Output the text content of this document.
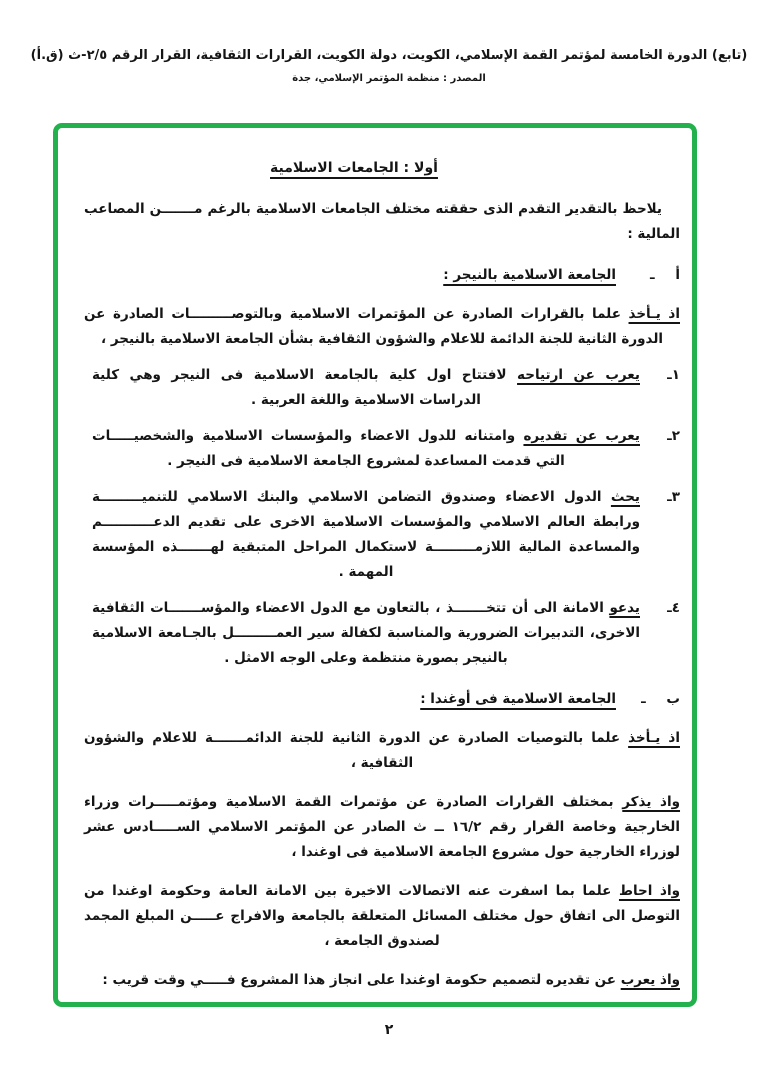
(تابع) الدورة الخامسة لمؤتمر القمة الإسلامي، الكويت، دولة الكويت، القرارات الثقافية، القرار الرقم ٢/٥-ث (ق.أ)
المصدر : منظمة المؤتمر الإسلامي، جدة
أولا : الجامعات الاسلامية

يلاحظ بالتقدير التقدم الذى حققته مختلف الجامعات الاسلامية بالرغم مـــــــن المصاعب المالية :

أ ـ
الجامعة الاسلامية بالنيجر :

اذ يـأخذ علما بالقرارات الصادرة عن المؤتمرات الاسلامية وبالتوصـــــــــات الصادرة عن الدورة الثانية للجنة الدائمة للاعلام والشؤون الثقافية بشأن الجامعة الاسلامية بالنيجر ،

١ـ
يعرب عن ارتياحه لافتتاح اول كلية بالجامعة الاسلامية فى النيجر وهي كلية الدراسات الاسلامية واللغة العربية .
٢ـ
يعرب عن تقديره وامتنانه للدول الاعضاء والمؤسسات الاسلامية والشخصيـــــات التي قدمت المساعدة لمشروع الجامعة الاسلامية فى النيجر .
٣ـ
يحث الدول الاعضاء وصندوق التضامن الاسلامي والبنك الاسلامي للتنميـــــــــة ورابطة العالم الاسلامي والمؤسسات الاسلامية الاخرى على تقديم الدعـــــــــــم والمساعدة المالية اللازمـــــــــة لاستكمال المراحل المتبقية لهـــــــذه المؤسسة المهمة .
٤ـ
يدعو الامانة الى أن تتخـــــــذ ، بالتعاون مع الدول الاعضاء والمؤســـــــات الثقافية الاخرى، التدبيرات الضرورية والمناسبة لكفالة سير العمـــــــــل بالجـامعة الاسلامية بالنيجر بصورة منتظمة وعلى الوجه الامثل .
ب ـ
الجامعة الاسلامية فى أوغندا :

اذ يـأخذ علما بالتوصيات الصادرة عن الدورة الثانية للجنة الدائمـــــــة للاعلام والشؤون الثقافية ،

واذ يذكر بمختلف القرارات الصادرة عن مؤتمرات القمة الاسلامية ومؤتمـــــرات وزراء الخارجية وخاصة القرار رقم ١٦/٢ ــ ث الصادر عن المؤتمر الاسلامي الســـــادس عشر لوزراء الخارجية حول مشروع الجامعة الاسلامية فى اوغندا ،

واذ احاط علما بما اسفرت عنه الاتصالات الاخيرة بين الامانة العامة وحكومة اوغندا من التوصل الى اتفاق حول مختلف المسائل المتعلقة بالجامعة والافراج عـــــن المبلغ المجمد لصندوق الجامعة ،

واذ يعرب عن تقديره لتصميم حكومة اوغندا على انجاز هذا المشروع فـــــي وقت قريب :

٢
